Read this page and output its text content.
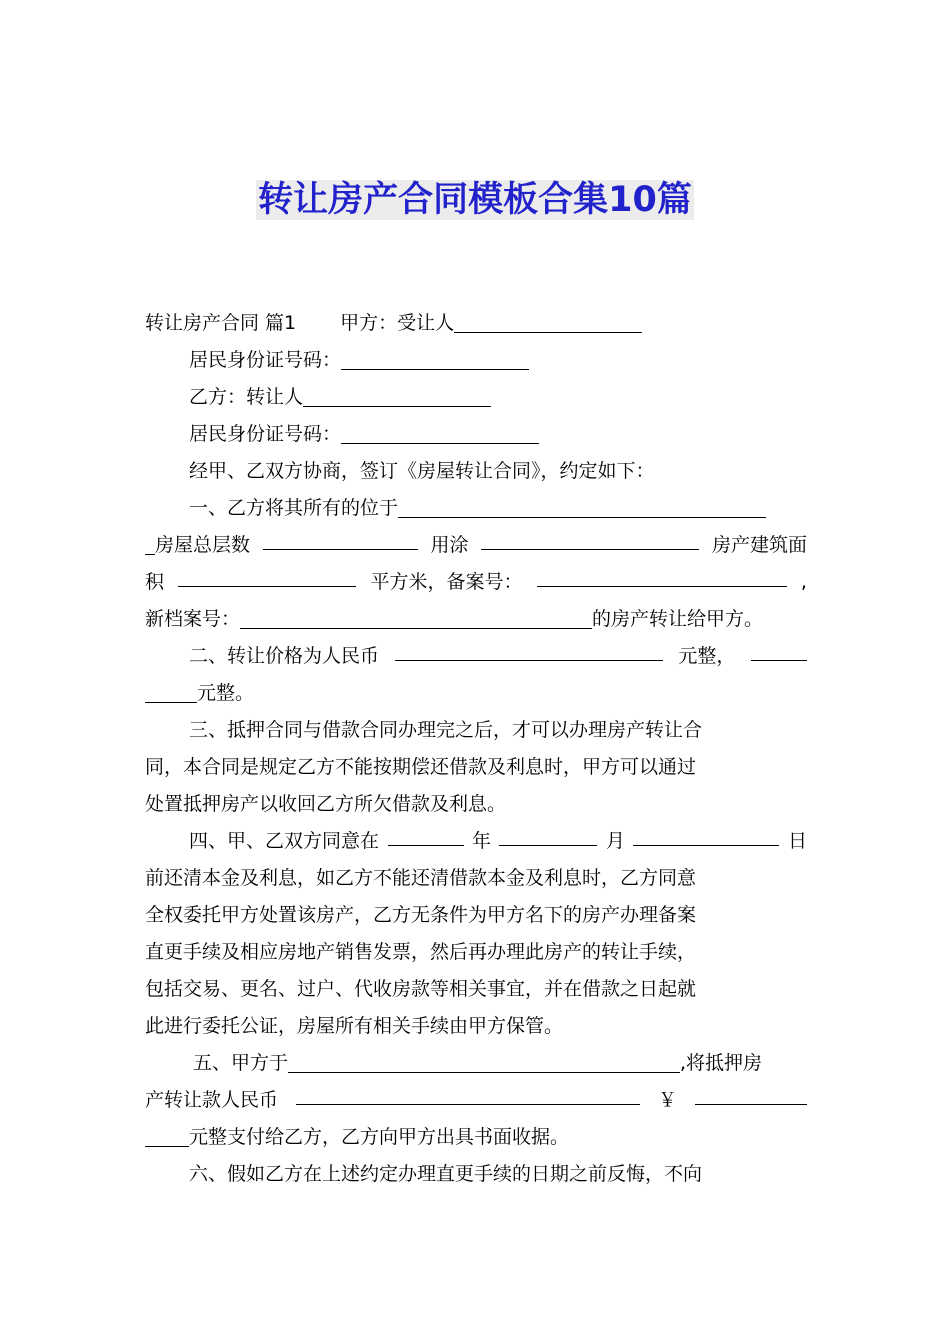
转让房产合同模板合集10篇
转让房产合同 篇1 甲方：受让人
居民身份证号码：
乙方：转让人
居民身份证号码：
经甲、乙双方协商，签订《房屋转让合同》，约定如下：
一、乙方将其所有的位于
房屋总层数	用涂	房产建筑面
积	平方米，备案号：	,
新档案号：	的房产转让给甲方。
二、转让价格为人民币	元整，
元整。
三、抵押合同与借款合同办理完之后，才可以办理房产转让合
同，本合同是规定乙方不能按期偿还借款及利息时，甲方可以通过
处置抵押房产以收回乙方所欠借款及利息。
四、甲、乙双方同意在	年	月	日
前还清本金及利息，如乙方不能还清借款本金及利息时，乙方同意
全权委托甲方处置该房产，乙方无条件为甲方名下的房产办理备案
直更手续及相应房地产销售发票，然后再办理此房产的转让手续，
包括交易、更名、过户、代收房款等相关事宜，并在借款之日起就
此进行委托公证，房屋所有相关手续由甲方保管。
五、甲方于	,将抵押房
产转让款人民币	￥
元整支付给乙方，乙方向甲方出具书面收据。
六、假如乙方在上述约定办理直更手续的日期之前反悔，不向
